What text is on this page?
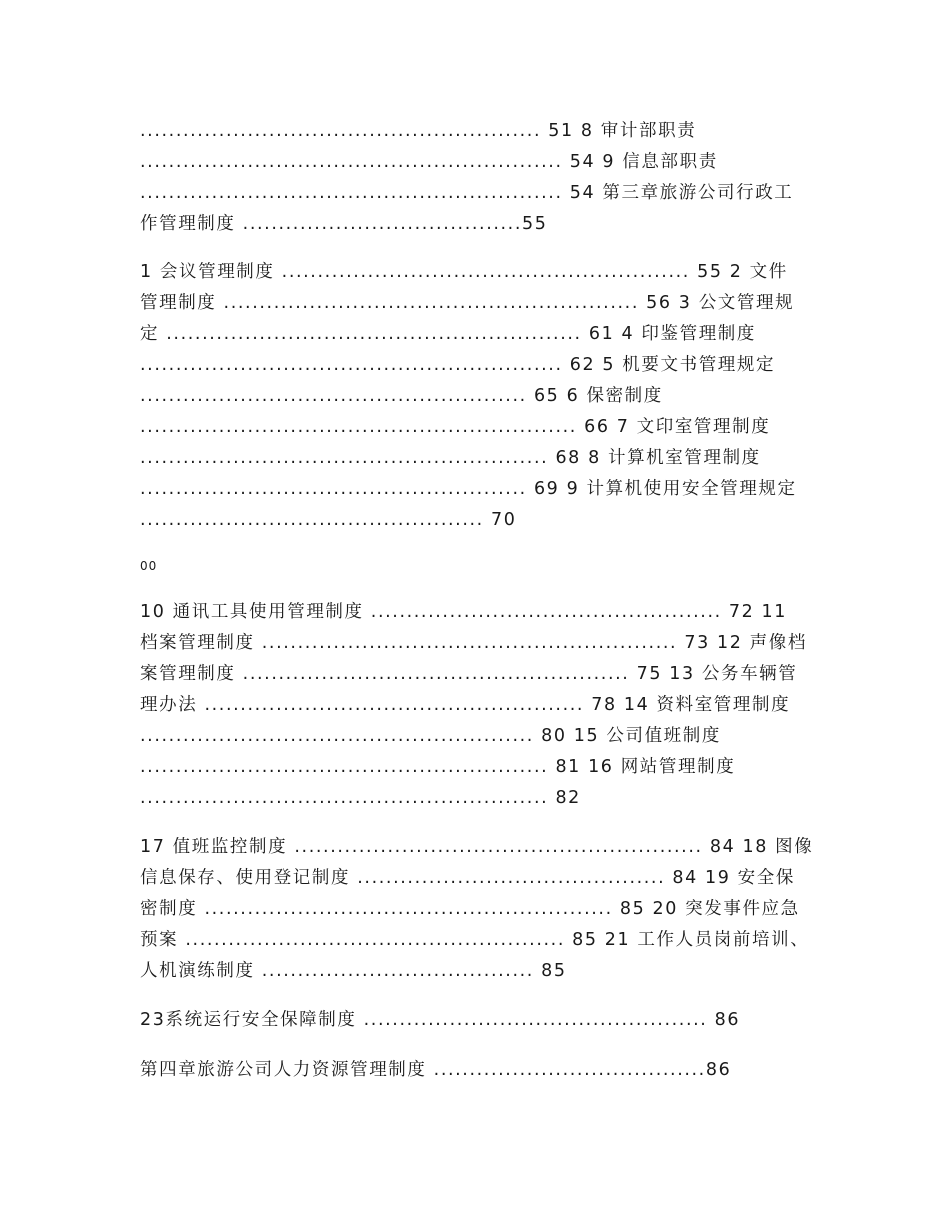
........................................................ 51 8 审计部职责
........................................................... 54 9 信息部职责
........................................................... 54 第三章旅游公司行政工
作管理制度 .......................................55
1 会议管理制度 ......................................................... 55 2 文件
管理制度 .......................................................... 56 3 公文管理规
定 .......................................................... 61 4 印鉴管理制度
........................................................... 62 5 机要文书管理规定
...................................................... 65 6 保密制度
............................................................. 66 7 文印室管理制度
......................................................... 68 8 计算机室管理制度
...................................................... 69 9 计算机使用安全管理规定
................................................ 70
00
10 通讯工具使用管理制度 ................................................. 72 11
档案管理制度 .......................................................... 73 12 声像档
案管理制度 ...................................................... 75 13 公务车辆管
理办法 ..................................................... 78 14 资料室管理制度
....................................................... 80 15 公司值班制度
......................................................... 81 16 网站管理制度
......................................................... 82
17 值班监控制度 ......................................................... 84 18 图像
信息保存、使用登记制度 ........................................... 84 19 安全保
密制度 ......................................................... 85 20 突发事件应急
预案 ..................................................... 85 21 工作人员岗前培训、
人机演练制度 ...................................... 85
23系统运行安全保障制度 ................................................ 86
第四章旅游公司人力资源管理制度 ......................................86
